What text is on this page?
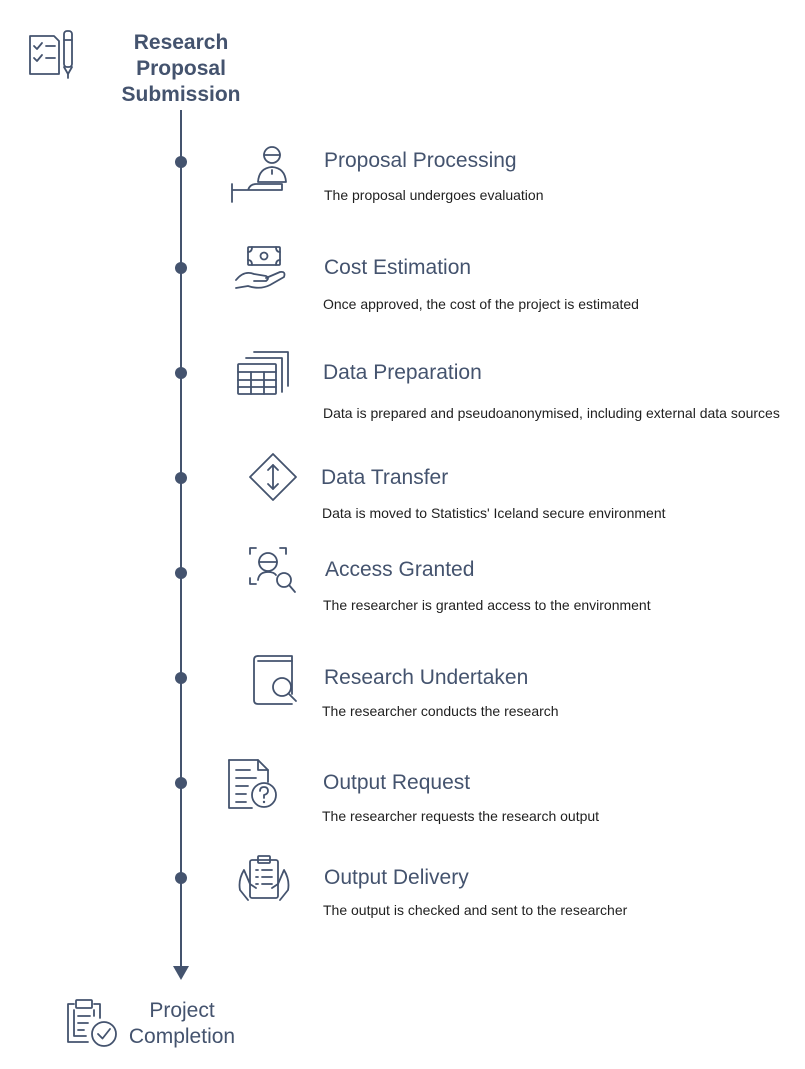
Research Proposal Submission
Proposal Processing
The proposal undergoes evaluation
Cost Estimation
Once approved, the cost of the project is estimated
Data Preparation
Data is prepared and pseudoanonymised, including external data sources
Data Transfer
Data is moved to Statistics' Iceland secure environment
Access Granted
The researcher is granted access to the environment
Research Undertaken
The researcher conducts the research
Output Request
The researcher requests the research output
Output Delivery
The output is checked and sent to the researcher
Project Completion
